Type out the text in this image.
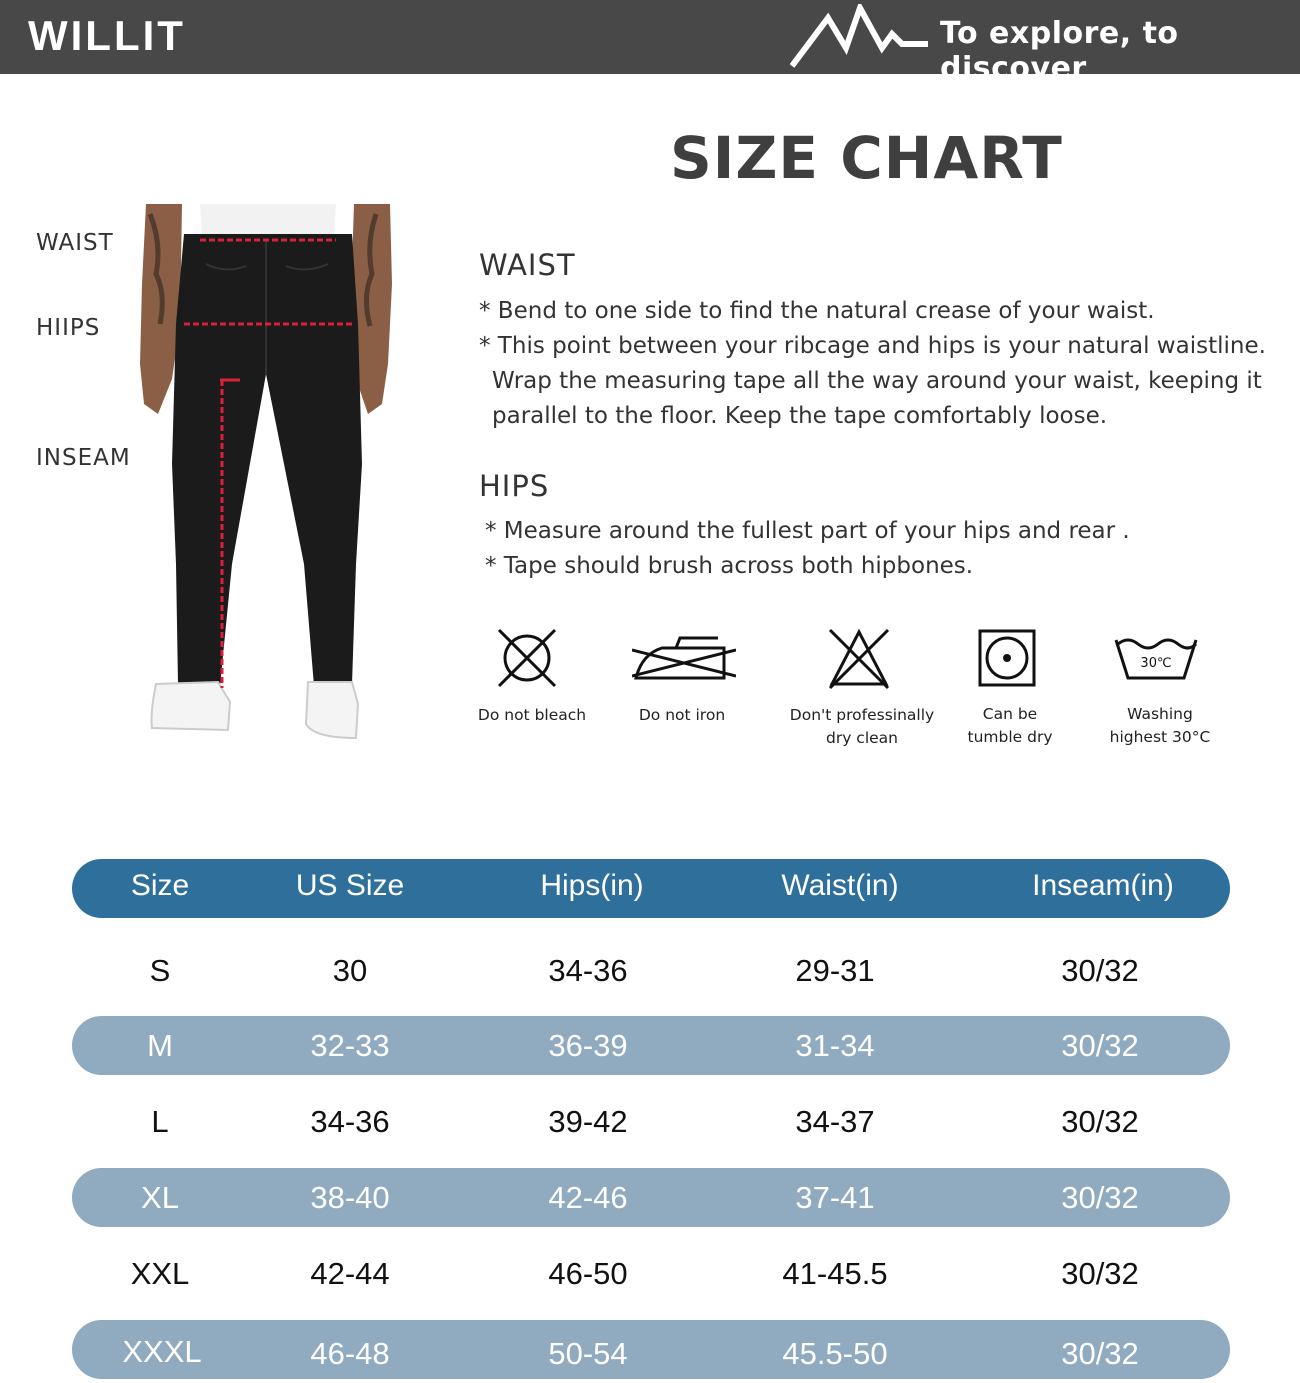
WILLIT	To explore, to discover
SIZE CHART
WAIST
HIIPS
INSEAM
WAIST
* Bend to one side to find the natural crease of your waist.
* This point between your ribcage and hips is your natural waistline.
Wrap the measuring tape all the way around your waist, keeping it
parallel to the floor. Keep the tape comfortably loose.
HIPS
* Measure around the fullest part of your hips and rear .
* Tape should brush across both hipbones.
30℃
Do not bleach	Do not iron	Don't professinally
dry clean
Can be
tumble dry
Washing
highest 30°C
Size	US Size	Hips(in)	Waist(in)	Inseam(in)
S	30	34-36	29-31	30/32
M	32-33	36-39	31-34	30/32
L	34-36	39-42	34-37	30/32
XL	38-40	42-46	37-41	30/32
XXL	42-44	46-50	41-45.5	30/32
XXXL	46-48	50-54	45.5-50	30/32
